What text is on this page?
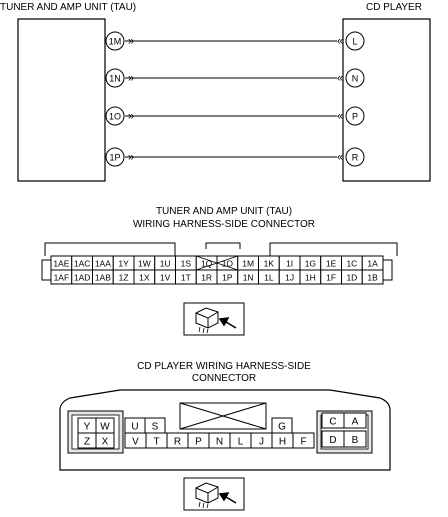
TUNER AND AMP UNIT (TAU)	CD PLAYER
1M	L
»	«
1N	N
»	«
1O	P
»	«
1P	R
»	«
TUNER AND AMP UNIT (TAU)
WIRING HARNESS-SIDE CONNECTOR
1AE 1AC 1AA 1Y 1W 1U 1S 1Q 1O 1M 1K 1I 1G 1E 1C 1A
1AF 1AD 1AB 1Z 1X 1V 1T 1R 1P 1N 1L 1J 1H 1F 1D 1B
CD PLAYER WIRING HARNESS-SIDE
CONNECTOR
Y W
Z X
C A
D B
U S	G
V T R P N L J H F
